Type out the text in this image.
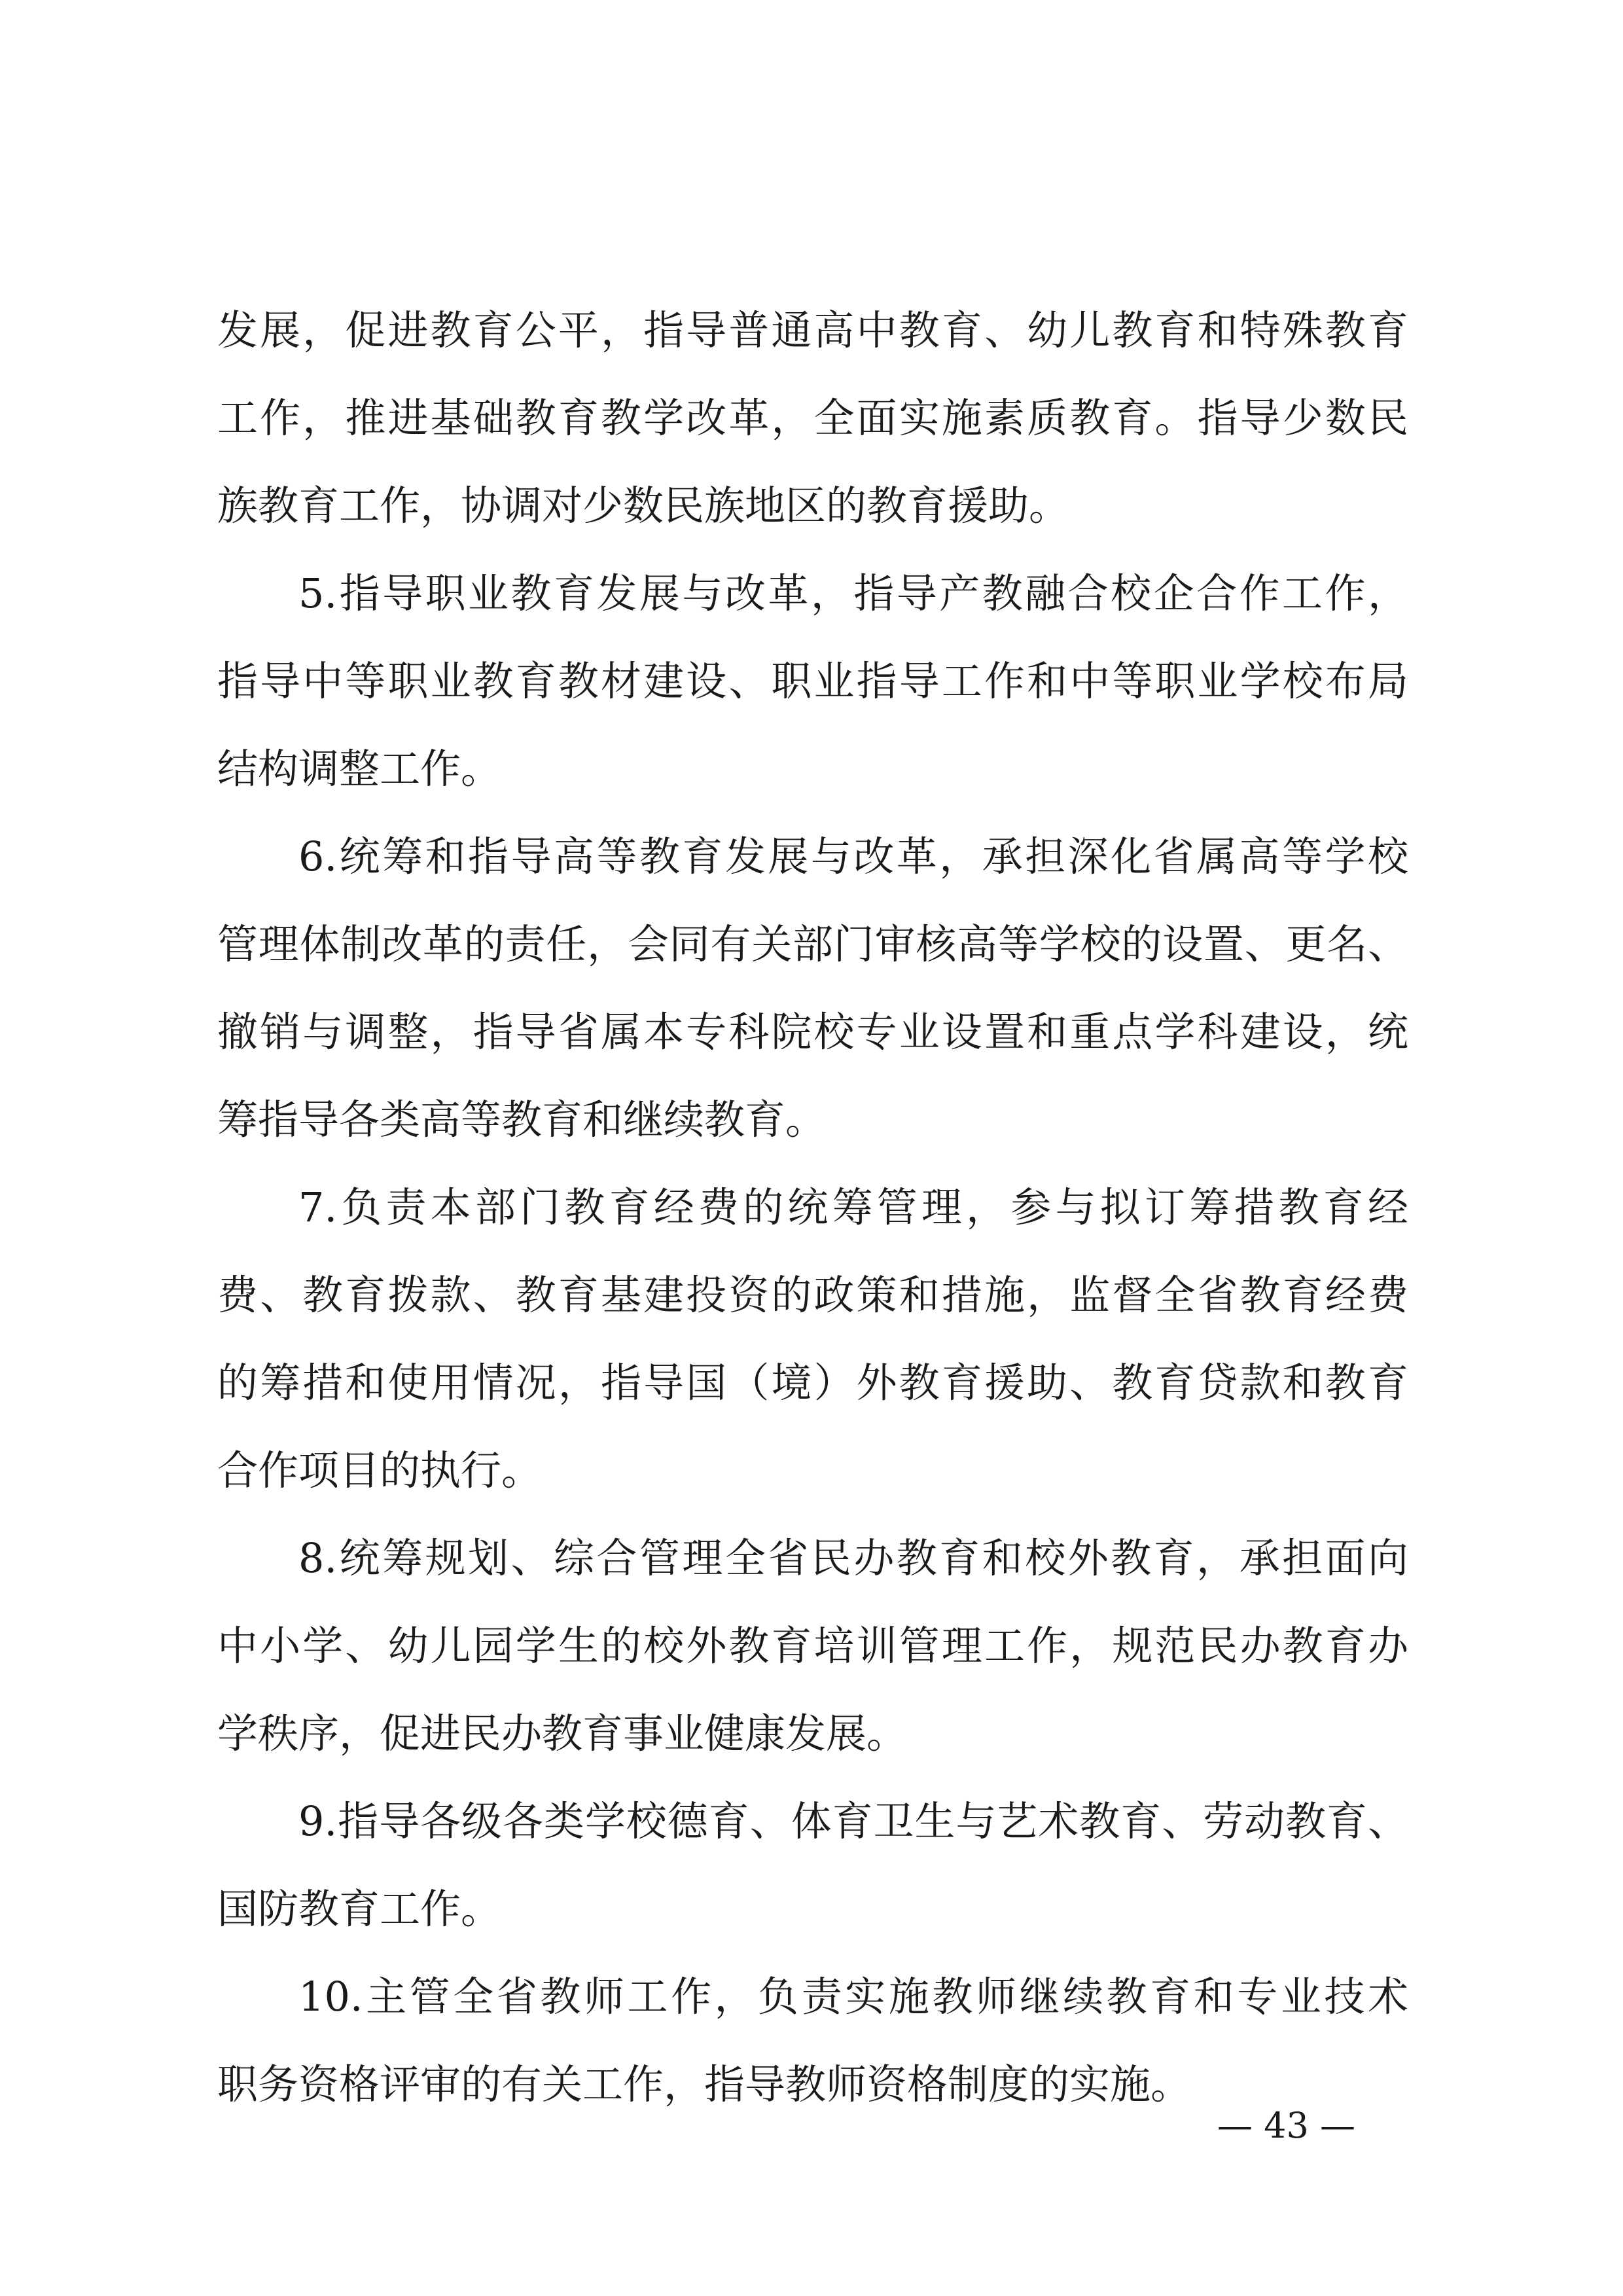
发展，促进教育公平，指导普通高中教育、幼儿教育和特殊教育
工作，推进基础教育教学改革，全面实施素质教育。指导少数民
族教育工作，协调对少数民族地区的教育援助。

5.指导职业教育发展与改革，指导产教融合校企合作工作，
指导中等职业教育教材建设、职业指导工作和中等职业学校布局
结构调整工作。

6.统筹和指导高等教育发展与改革，承担深化省属高等学校
管理体制改革的责任，会同有关部门审核高等学校的设置、更名、
撤销与调整，指导省属本专科院校专业设置和重点学科建设，统
筹指导各类高等教育和继续教育。

7.负责本部门教育经费的统筹管理，参与拟订筹措教育经
费、教育拨款、教育基建投资的政策和措施，监督全省教育经费
的筹措和使用情况，指导国（境）外教育援助、教育贷款和教育
合作项目的执行。

8.统筹规划、综合管理全省民办教育和校外教育，承担面向
中小学、幼儿园学生的校外教育培训管理工作，规范民办教育办
学秩序，促进民办教育事业健康发展。

9.指导各级各类学校德育、体育卫生与艺术教育、劳动教育、
国防教育工作。

10.主管全省教师工作，负责实施教师继续教育和专业技术
职务资格评审的有关工作，指导教师资格制度的实施。

— 43 —
